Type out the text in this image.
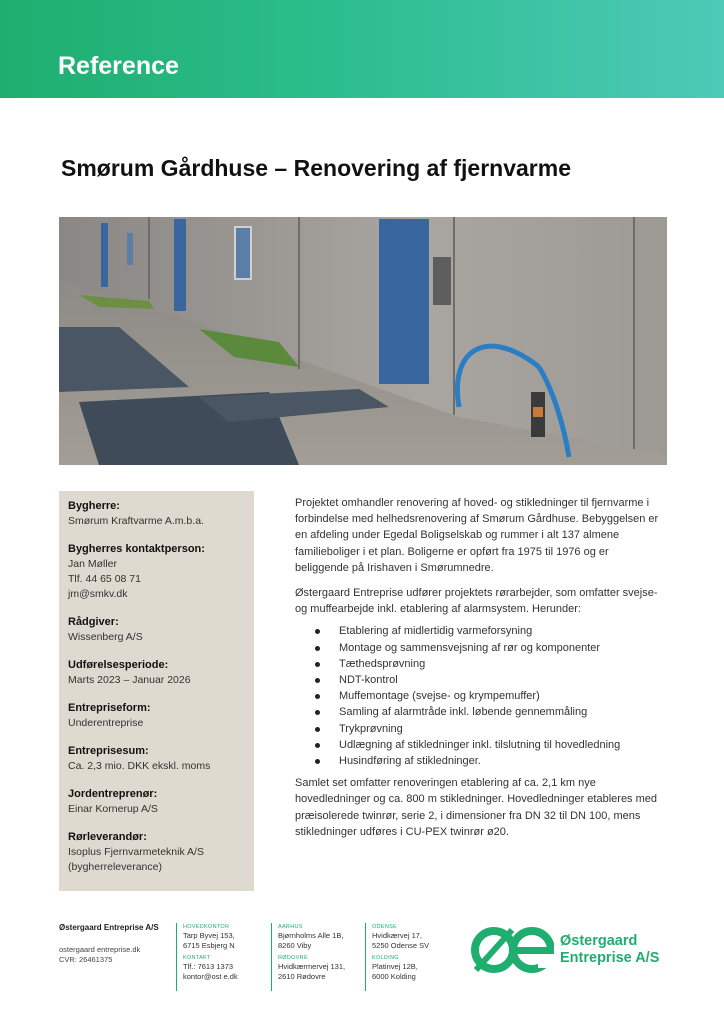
Reference
Smørum Gårdhuse – Renovering af fjernvarme
Bygherre:
Smørum Kraftvarme A.m.b.a.
Bygherres kontaktperson:
Jan Møller
Tlf. 44 65 08 71
jm@smkv.dk
Rådgiver:
Wissenberg A/S
Udførelsesperiode:
Marts 2023 – Januar 2026
Entrepriseform:
Underentreprise
Entreprisesum:
Ca. 2,3 mio. DKK ekskl. moms
Jordentreprenør:
Einar Kornerup A/S
Rørleverandør:
Isoplus Fjernvarmeteknik A/S
(bygherreleverance)

Projektet omhandler renovering af hoved- og stikledninger til fjernvarme i forbindelse med helhedsrenovering af Smørum Gårdhuse. Bebyggelsen er en afdeling under Egedal Boligselskab og rummer i alt 137 almene familieboliger i et plan. Boligerne er opført fra 1975 til 1976 og er beliggende på Irishaven i Smørumnedre.

Østergaard Entreprise udfører projektets rørarbejder, som omfatter svejse- og muffearbejde inkl. etablering af alarmsystem. Herunder:

Etablering af midlertidig varmeforsyning
Montage og sammensvejsning af rør og komponenter
Tæthedsprøvning
NDT-kontrol
Muffemontage (svejse- og krympemuffer)
Samling af alarmtråde inkl. løbende gennemmåling
Trykprøvning
Udlægning af stikledninger inkl. tilslutning til hovedledning
Husindføring af stikledninger.

Samlet set omfatter renoveringen etablering af ca. 2,1 km nye hovedledninger og ca. 800 m stikledninger. Hovedledninger etableres med præisolerede twinrør, serie 2, i dimensioner fra DN 32 til DN 100, mens stikledninger udføres i CU-PEX twinrør ø20.

Østergaard Entreprise A/S
ostergaard entreprise.dk
CVR: 26461375
HOVEDKONTOR
Tarp Byvej 153,
6715 Esbjerg N
KONTAKT
Tlf.: 7613 1373
kontor@ost e.dk
AARHUS
Bjørnholms Alle 1B,
8260 Viby
RØDOVRE
Hvidkærmervej 131,
2610 Rødovre
ODENSE
Hvidkærvej 17,
5250 Odense SV
KOLDING
Platinvej 12B,
6000 Kolding
Østergaard
Entreprise A/S
